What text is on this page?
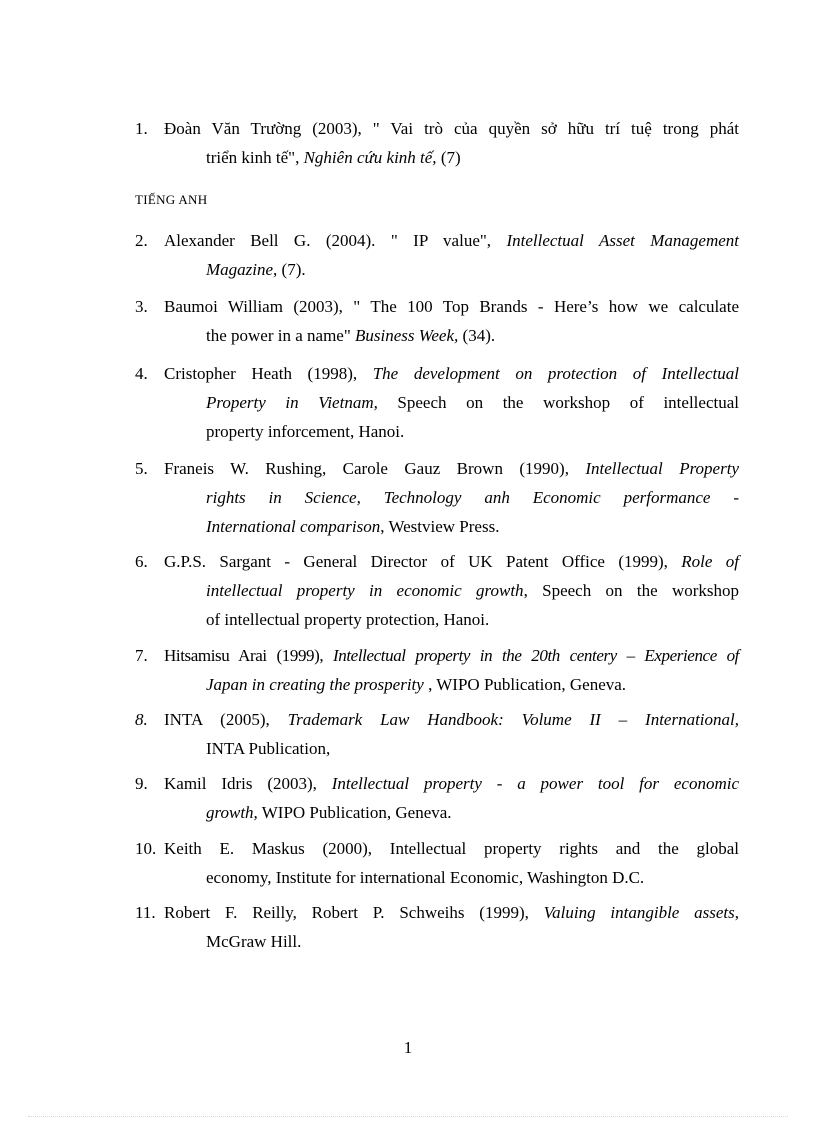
1. Đoàn Văn Trường (2003), " Vai trò của quyền sở hữu trí tuệ trong phát
triển kinh tế", Nghiên cứu kinh tế, (7)
TIẾNG ANH
2. Alexander Bell G. (2004). " IP value", Intellectual Asset Management
Magazine, (7).
3. Baumoi William (2003), " The 100 Top Brands - Here’s how we calculate
the power in a name" Business Week, (34).
4. Cristopher Heath (1998), The development on protection of Intellectual
Property in Vietnam, Speech on the workshop of intellectual
property inforcement, Hanoi.
5. Franeis W. Rushing, Carole Gauz Brown (1990), Intellectual Property
rights in Science, Technology anh Economic performance -
International comparison, Westview Press.
6. G.P.S. Sargant - General Director of UK Patent Office (1999), Role of
intellectual property in economic growth, Speech on the workshop
of intellectual property protection, Hanoi.
7. Hitsamisu Arai (1999), Intellectual property in the 20th centery – Experience of
Japan in creating the prosperity , WIPO Publication, Geneva.
8. INTA (2005), Trademark Law Handbook: Volume II – International,
INTA Publication,
9. Kamil Idris (2003), Intellectual property - a power tool for economic
growth, WIPO Publication, Geneva.
10. Keith E. Maskus (2000), Intellectual property rights and the global
economy, Institute for international Economic, Washington D.C.
11. Robert F. Reilly, Robert P. Schweihs (1999), Valuing intangible assets,
McGraw Hill.
1
